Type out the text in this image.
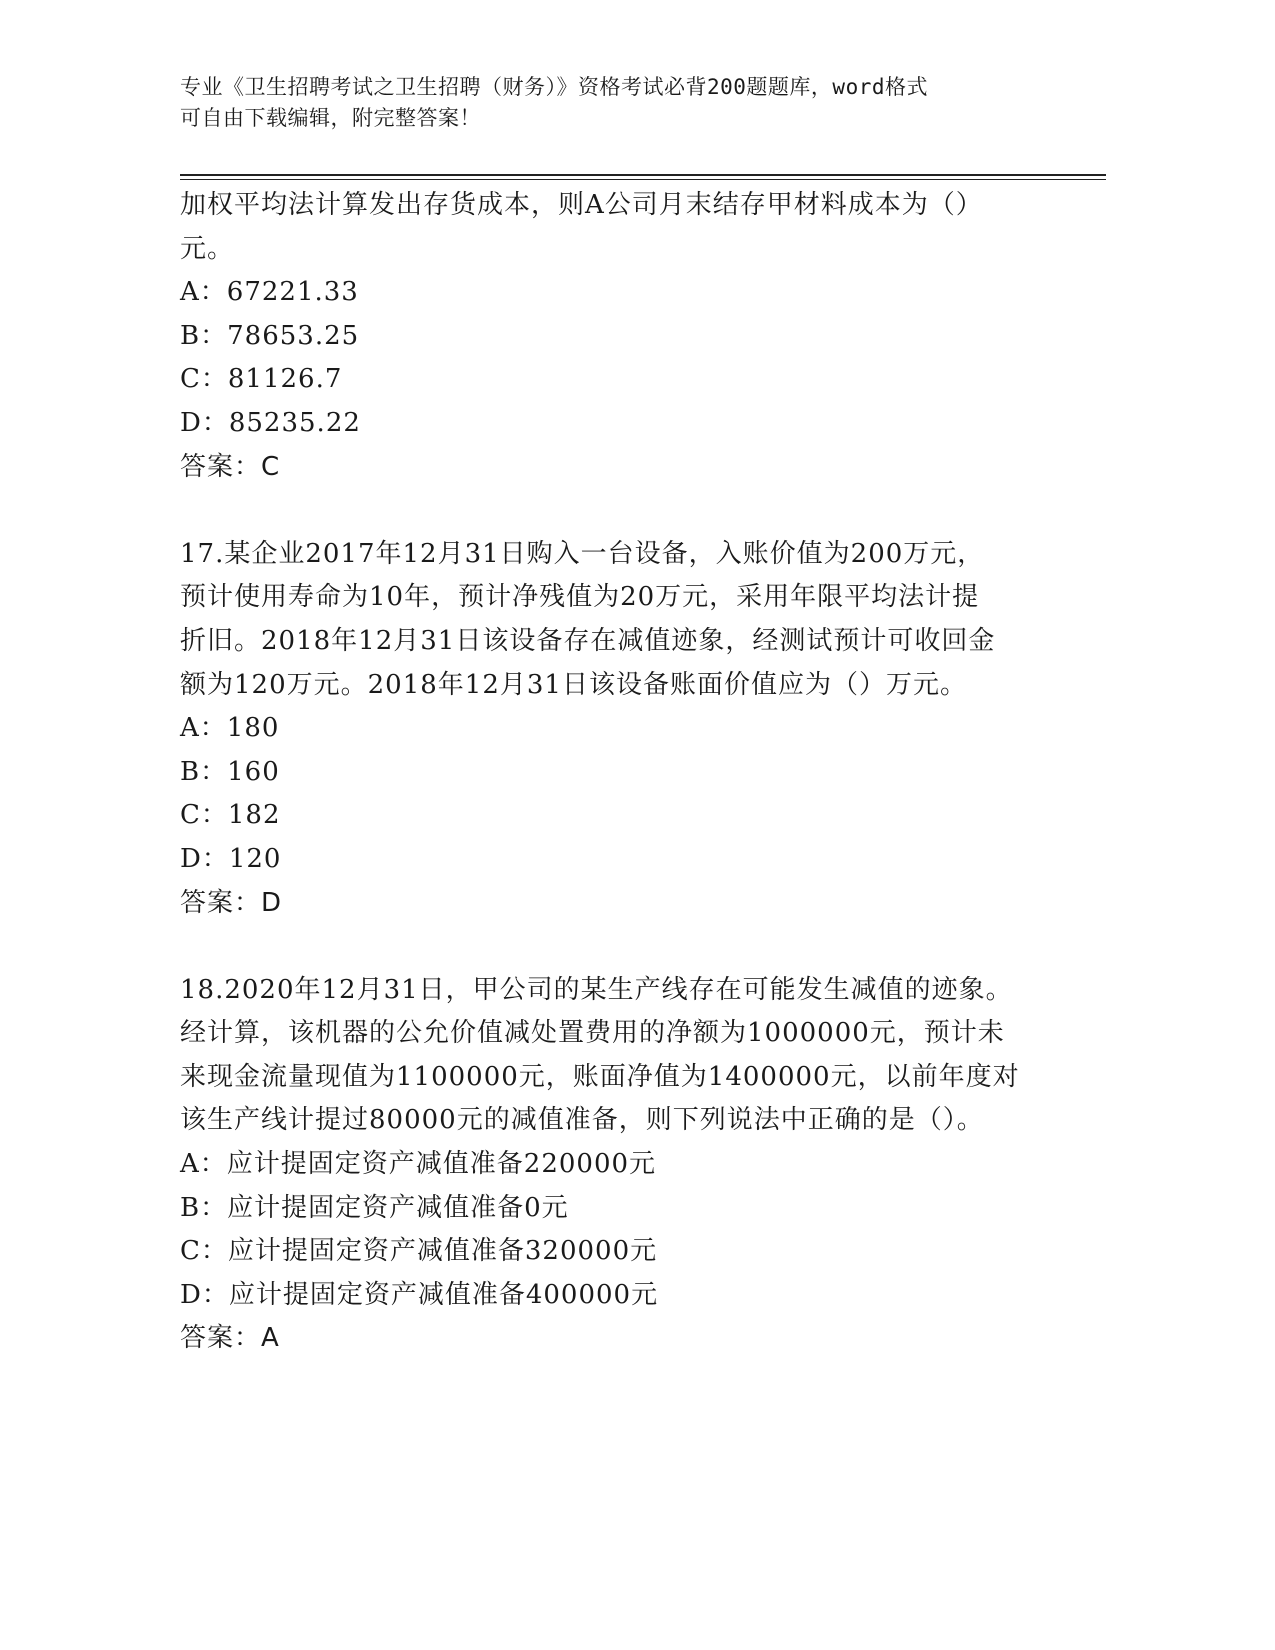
专业《卫生招聘考试之卫生招聘（财务）》资格考试必背200题题库，word格式
可自由下载编辑，附完整答案！
加权平均法计算发出存货成本，则A公司月末结存甲材料成本为（）
元。
A：67221.33
B：78653.25
C：81126.7
D：85235.22
答案：C
17.某企业2017年12月31日购入一台设备，入账价值为200万元，
预计使用寿命为10年，预计净残值为20万元，采用年限平均法计提
折旧。2018年12月31日该设备存在减值迹象，经测试预计可收回金
额为120万元。2018年12月31日该设备账面价值应为（）万元。
A：180
B：160
C：182
D：120
答案：D
18.2020年12月31日，甲公司的某生产线存在可能发生减值的迹象。
经计算，该机器的公允价值减处置费用的净额为1000000元，预计未
来现金流量现值为1100000元，账面净值为1400000元，以前年度对
该生产线计提过80000元的减值准备，则下列说法中正确的是（）。
A：应计提固定资产减值准备220000元
B：应计提固定资产减值准备0元
C：应计提固定资产减值准备320000元
D：应计提固定资产减值准备400000元
答案：A
